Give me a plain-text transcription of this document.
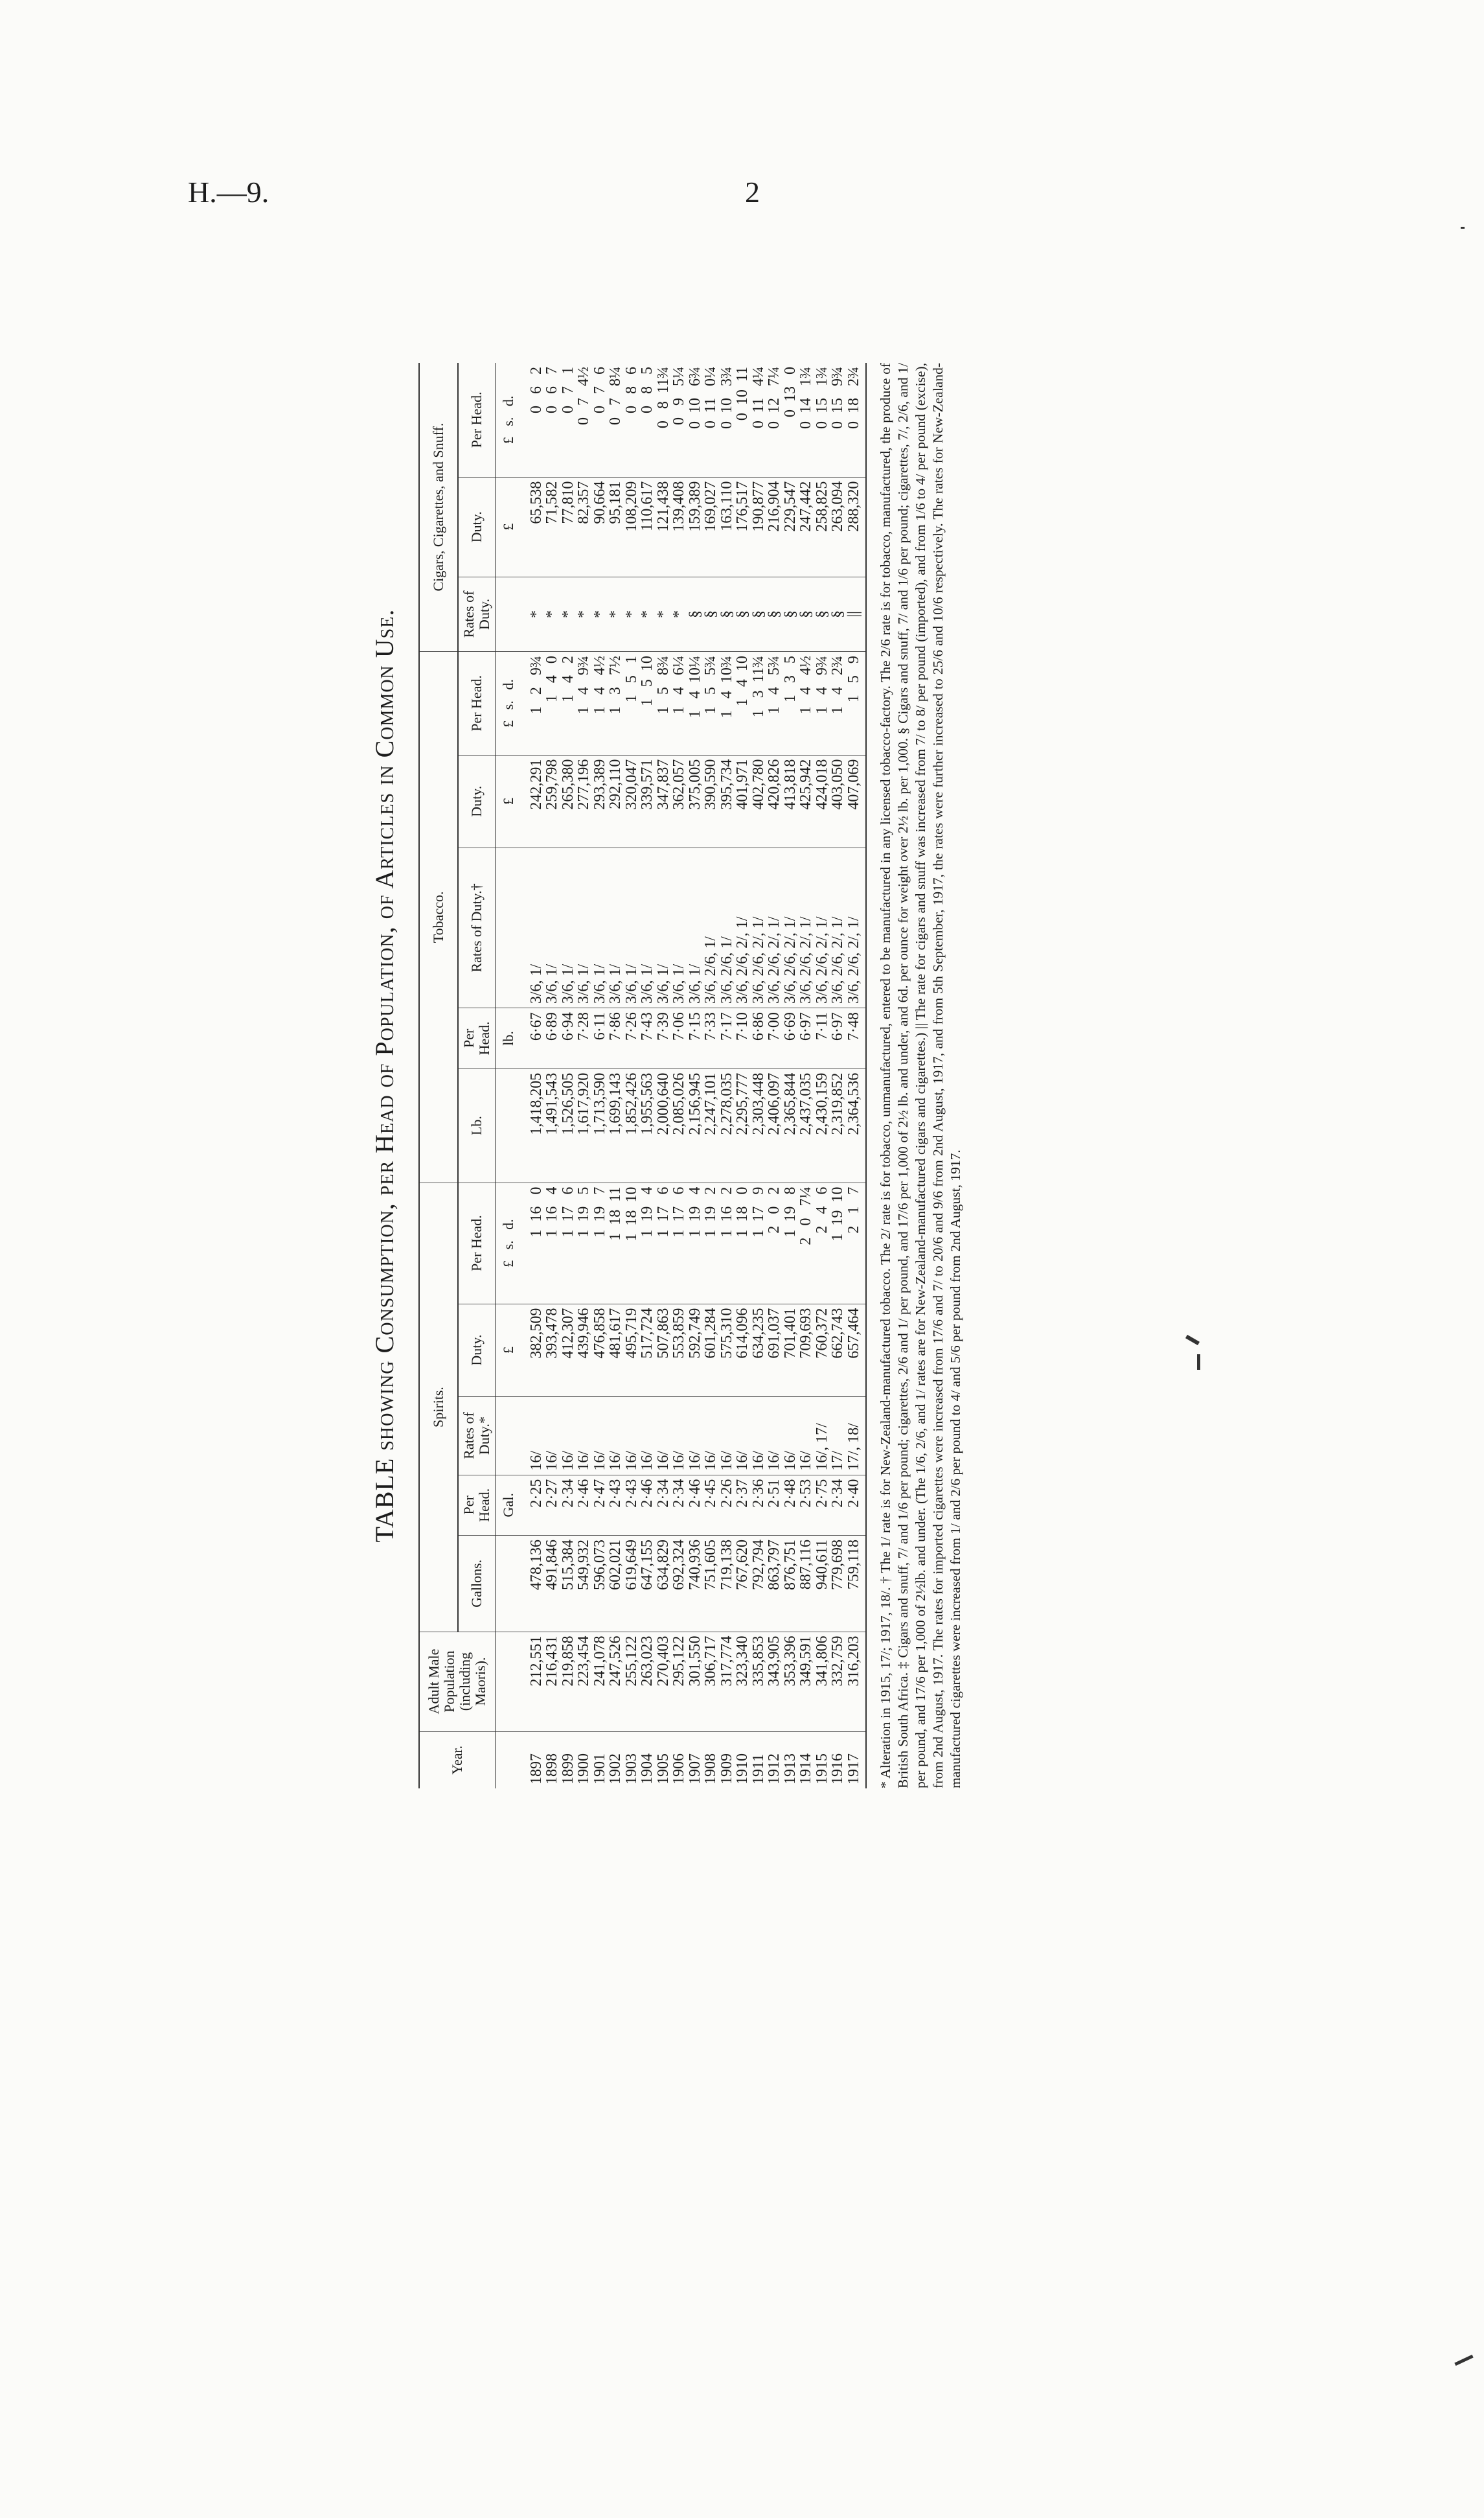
H.—9.	2
TABLE showing Consumption, per Head of Population, of Articles in Common Use.
Year.	Adult Male Population (including Maoris).	Spirits.					Tobacco.					Cigars, Cigarettes, and Snuff.		
		Gallons.	Per Head.	Rates of Duty.*	Duty.	Per Head.	Lb.	Per Head.	Rates of Duty.†	Duty.	Per Head.	Rates of Duty.	Duty.	Per Head.
			Gal.		£	£   s.   d.		lb.		£	£   s.   d.		£	£   s.   d.
1897	212,551	478,136	2·25	16/	382,509	1  16   0	1,418,205	6·67	3/6, 1/	242,291	1   2   9¾	*	65,538	0   6   2
1898	216,431	491,846	2·27	16/	393,478	1  16   4	1,491,543	6·89	3/6, 1/	259,798	1   4   0	*	71,582	0   6   7
1899	219,858	515,384	2·34	16/	412,307	1  17   6	1,526,505	6·94	3/6, 1/	265,380	1   4   2	*	77,810	0   7   1
1900	223,454	549,932	2·46	16/	439,946	1  19   5	1,617,920	7·28	3/6, 1/	277,196	1   4   9¾	*	82,357	0   7   4½
1901	241,078	596,073	2·47	16/	476,858	1  19   7	1,713,590	6·11	3/6, 1/	293,389	1   4   4½	*	90,664	0   7   6
1902	247,526	602,021	2·43	16/	481,617	1  18  11	1,699,143	7·86	3/6, 1/	292,110	1   3   7½	*	95,181	0   7   8¼
1903	255,122	619,649	2·43	16/	495,719	1  18  10	1,852,426	7·26	3/6, 1/	320,047	1   5   1	*	108,209	0   8   6
1904	263,023	647,155	2·46	16/	517,724	1  19   4	1,955,563	7·43	3/6, 1/	339,571	1   5  10	*	110,617	0   8   5
1905	270,403	634,829	2·34	16/	507,863	1  17   6	2,000,640	7·39	3/6, 1/	347,837	1   5   8¾	*	121,438	0   8  11¾
1906	295,122	692,324	2·34	16/	553,859	1  17   6	2,085,026	7·06	3/6, 1/	362,057	1   4   6¼	*	139,408	0   9   5¼
1907	301,550	740,936	2·46	16/	592,749	1  19   4	2,156,945	7·15	3/6, 1/	375,005	1   4  10¼	§	159,389	0  10   6¾
1908	306,717	751,605	2·45	16/	601,284	1  19   2	2,247,101	7·33	3/6, 2/6, 1/	390,590	1   5   5¾	§	169,027	0  11   0¼
1909	317,774	719,138	2·26	16/	575,310	1  16   2	2,278,035	7·17	3/6, 2/6, 1/	395,734	1   4  10¾	§	163,110	0  10   3¾
1910	323,340	767,620	2·37	16/	614,096	1  18   0	2,295,777	7·10	3/6, 2/6, 2/, 1/	401,971	1   4  10	§	176,517	0  10  11
1911	335,853	792,794	2·36	16/	634,235	1  17   9	2,303,448	6·86	3/6, 2/6, 2/, 1/	402,780	1   3  11¾	§	190,877	0  11   4¼
1912	343,905	863,797	2·51	16/	691,037	2   0   2	2,406,097	7·00	3/6, 2/6, 2/, 1/	420,826	1   4   5¾	§	216,904	0  12   7¼
1913	353,396	876,751	2·48	16/	701,401	1  19   8	2,365,844	6·69	3/6, 2/6, 2/, 1/	413,818	1   3   5	§	229,547	0  13   0
1914	349,591	887,116	2·53	16/	709,693	2   0   7¼	2,437,035	6·97	3/6, 2/6, 2/, 1/	425,942	1   4   4½	§	247,442	0  14   1¾
1915	341,806	940,611	2·75	16/, 17/	760,372	2   4   6	2,430,159	7·11	3/6, 2/6, 2/, 1/	424,018	1   4   9¾	§	258,825	0  15   1¾
1916	332,759	779,698	2·34	17/	662,743	1  19  10	2,319,852	6·97	3/6, 2/6, 2/, 1/	403,050	1   4   2¾	§	263,094	0  15   9¾
1917	316,203	759,118	2·40	17/, 18/	657,464	2   1   7	2,364,536	7·48	3/6, 2/6, 2/, 1/	407,069	1   5   9	||	288,320	0  18   2¾ * Alteration in 1915, 17/; 1917, 18/. † The 1/ rate is for New-Zealand-manufactured tobacco. The 2/ rate is for tobacco, unmanufactured, entered to be manufactured in any licensed tobacco-factory. The 2/6 rate is for tobacco, manufactured, the produce of British South Africa. ‡ Cigars and snuff, 7/ and 1/6 per pound; cigarettes, 2/6 and 1/ per pound, and 17/6 per 1,000 of 2½ lb. and under, and 6d. per ounce for weight over 2½ lb. per 1,000. § Cigars and snuff, 7/ and 1/6 per pound; cigarettes, 7/, 2/6, and 1/ per pound, and 17/6 per 1,000 of 2½lb. and under. (The 1/6, 2/6, and 1/ rates are for New-Zealand-manufactured cigars and cigarettes.) || The rate for cigars and snuff was increased from 7/ to 8/ per pound (imported), and from 1/6 to 4/ per pound (excise), from 2nd August, 1917. The rates for imported cigarettes were increased from 17/6 and 7/ to 20/6 and 9/6 from 2nd August, 1917, and from 5th September, 1917, the rates were further increased to 25/6 and 10/6 respectively. The rates for New-Zealand-manufactured cigarettes were increased from 1/ and 2/6 per pound to 4/ and 5/6 per pound from 2nd August, 1917.
